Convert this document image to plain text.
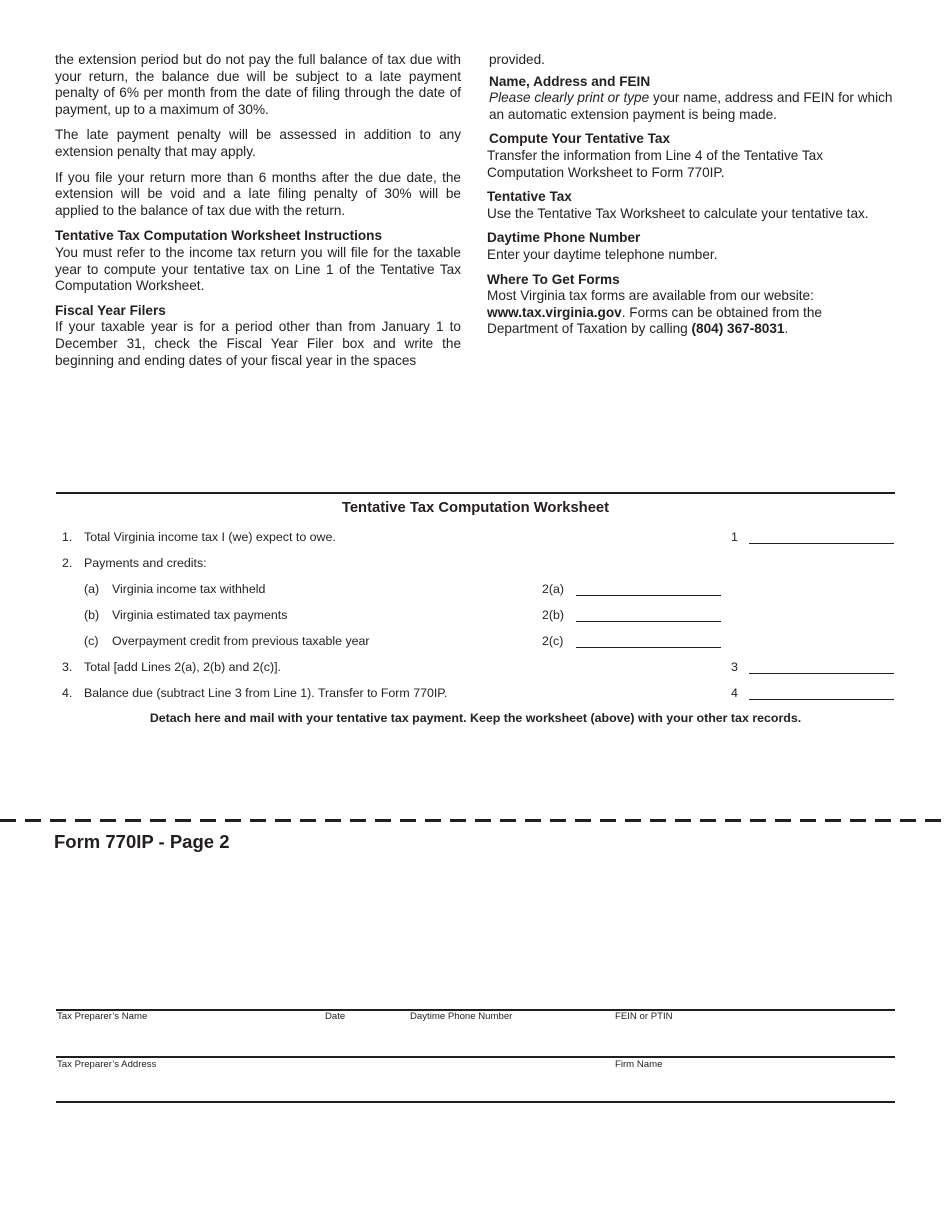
the extension period but do not pay the full balance of tax due with your return, the balance due will be subject to a late payment penalty of 6% per month from the date of filing through the date of payment, up to a maximum of 30%.

The late payment penalty will be assessed in addition to any extension penalty that may apply.

If you file your return more than 6 months after the due date, the extension will be void and a late filing penalty of 30% will be applied to the balance of tax due with the return.

Tentative Tax Computation Worksheet Instructions

You must refer to the income tax return you will file for the taxable year to compute your tentative tax on Line 1 of the Tentative Tax Computation Worksheet.

Fiscal Year Filers

If your taxable year is for a period other than from January 1 to December 31, check the Fiscal Year Filer box and write the beginning and ending dates of your fiscal year in the spaces

provided.

Name, Address and FEIN

Please clearly print or type your name, address and FEIN for which an automatic extension payment is being made.

Compute Your Tentative Tax

Transfer the information from Line 4 of the Tentative Tax Computation Worksheet to Form 770IP.

Tentative Tax

Use the Tentative Tax Worksheet to calculate your tentative tax.

Daytime Phone Number

Enter your daytime telephone number.

Where To Get Forms

Most Virginia tax forms are available from our website: www.tax.virginia.gov. Forms can be obtained from the Department of Taxation by calling (804) 367-8031.

Tentative Tax Computation Worksheet
1. Total Virginia income tax I (we) expect to owe.	1
2. Payments and credits:
(a) Virginia income tax withheld	2(a)
(b) Virginia estimated tax payments	2(b)
(c) Overpayment credit from previous taxable year	2(c)
3. Total [add Lines 2(a), 2(b) and 2(c)].	3
4. Balance due (subtract Line 3 from Line 1). Transfer to Form 770IP.	4
Detach here and mail with your tentative tax payment. Keep the worksheet (above) with your other tax records.
Form 770IP - Page 2
Tax Preparer’s Name	Date	Daytime Phone Number	FEIN or PTIN
Tax Preparer’s Address	Firm Name
